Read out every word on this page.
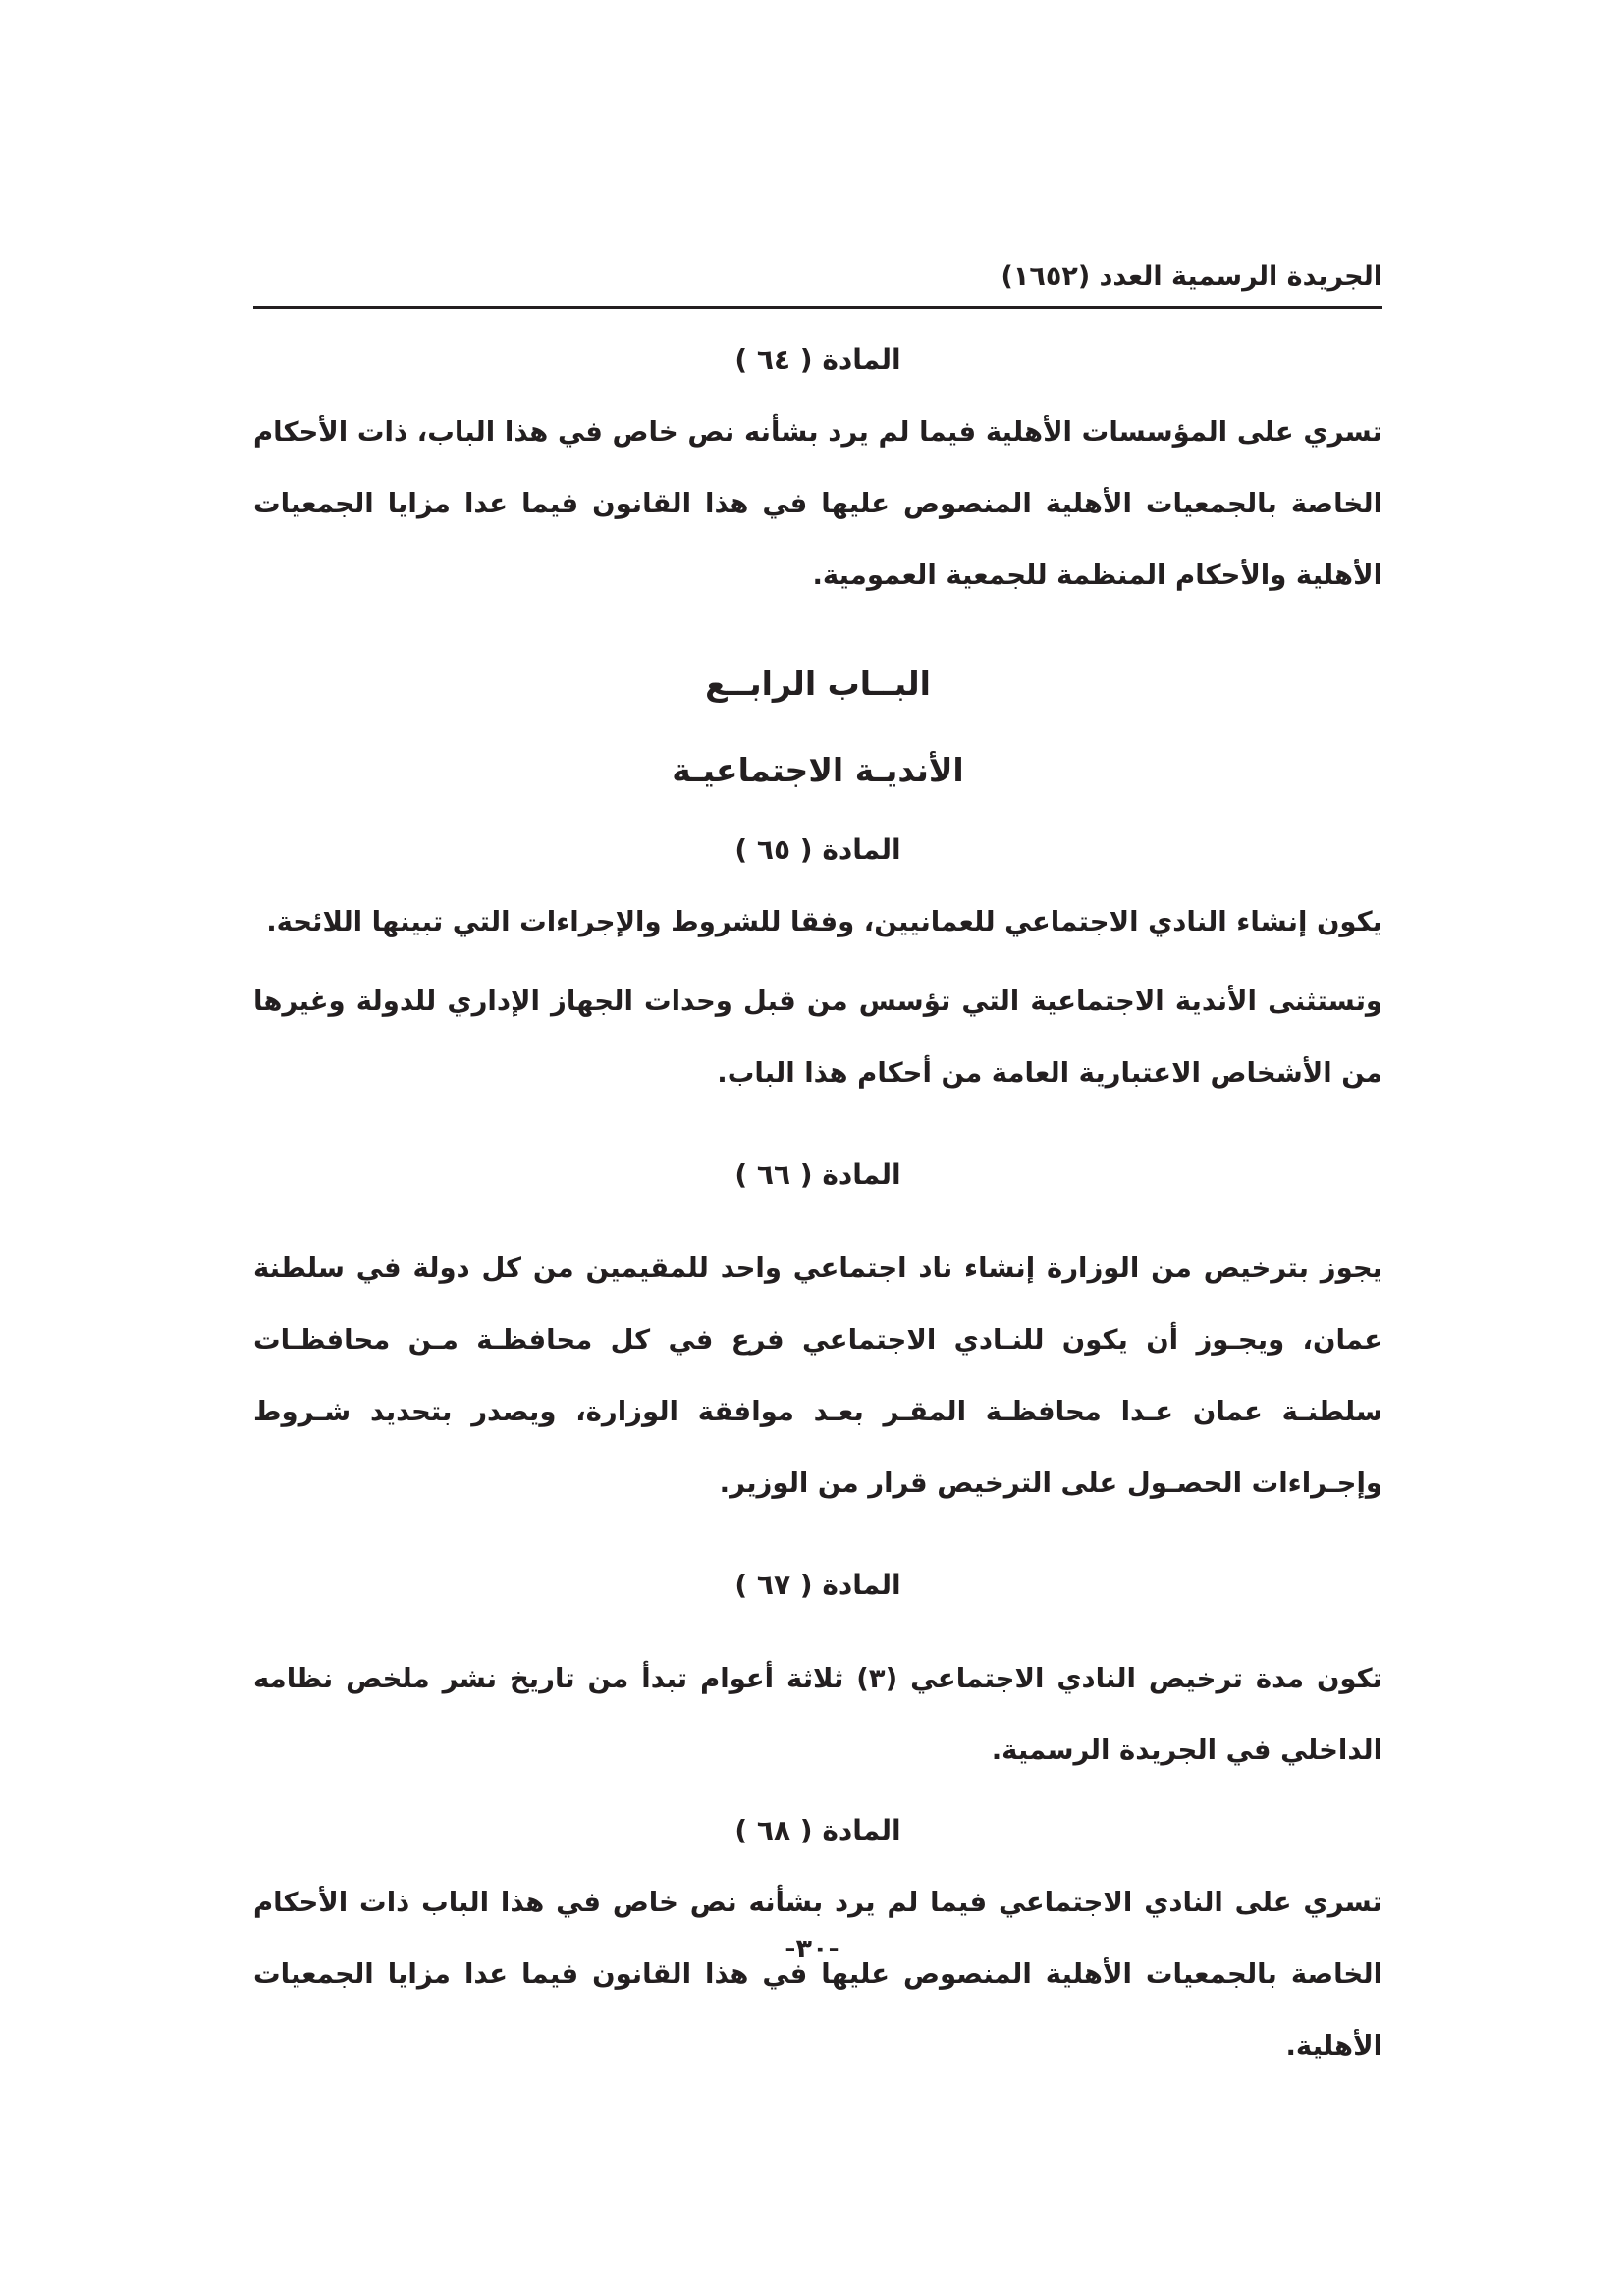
الجريدة الرسمية العدد (١٦٥٢)
المادة ( ٦٤ )

تسري على المؤسسات الأهلية فيما لم يرد بشأنه نص خاص في هذا الباب، ذات الأحكام الخاصة بالجمعيات الأهلية المنصوص عليها في هذا القانون فيما عدا مزايا الجمعيات الأهلية والأحكام المنظمة للجمعية العمومية.

البــاب الرابــع
الأنديـة الاجتماعيـة
المادة ( ٦٥ )

يكون إنشاء النادي الاجتماعي للعمانيين، وفقا للشروط والإجراءات التي تبينها اللائحة.

وتستثنى الأندية الاجتماعية التي تؤسس من قبل وحدات الجهاز الإداري للدولة وغيرها من الأشخاص الاعتبارية العامة من أحكام هذا الباب.

المادة ( ٦٦ )

يجوز بترخيص من الوزارة إنشاء ناد اجتماعي واحد للمقيمين من كل دولة في سلطنة عمان، ويجـوز أن يكون للنـادي الاجتماعي فرع في كل محافظـة مـن محافظـات سلطنـة عمان عـدا محافظـة المقـر بعـد موافقة الوزارة، ويصدر بتحديد شـروط وإجـراءات الحصـول على الترخيص قرار من الوزير.

المادة ( ٦٧ )

تكون مدة ترخيص النادي الاجتماعي (٣) ثلاثة أعوام تبدأ من تاريخ نشر ملخص نظامه الداخلي في الجريدة الرسمية.

المادة ( ٦٨ )

تسري على النادي الاجتماعي فيما لم يرد بشأنه نص خاص في هذا الباب ذات الأحكام الخاصة بالجمعيات الأهلية المنصوص عليها في هذا القانون فيما عدا مزايا الجمعيات الأهلية.

-٣٠-
